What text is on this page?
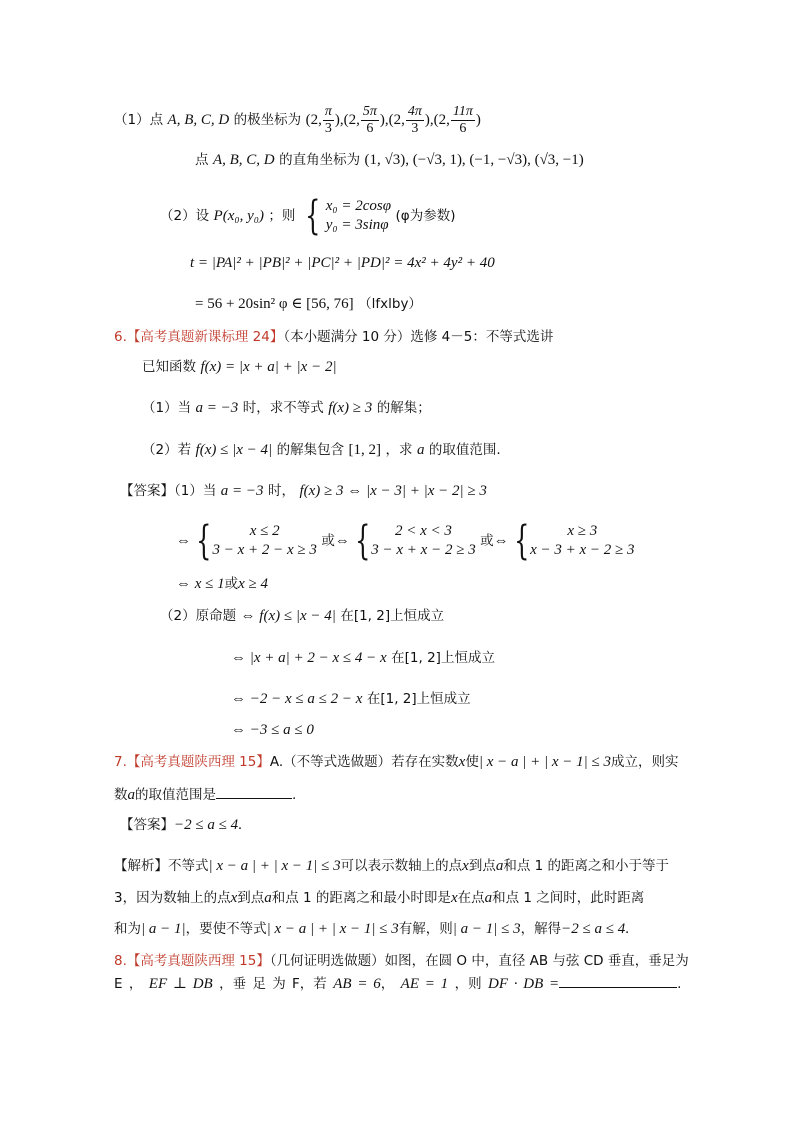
（1）点 A, B, C, D 的极坐标为 (2, $\frac{\pi}{3} ),(2$, $\frac{5\pi}{6} ),(2$, $\frac{4\pi}{3} ),(2$, $\frac{11\pi}{6}$ )
点 A, B, C, D 的直角坐标为 (1, √3), (−√3, 1), (−1, −√3), (√3, −1)
（2）设 P(x₀, y₀) ；则 { x₀ = 2cosφ
y₀ = 3sinφ
(φ为参数)
t = |PA|² + |PB|² + |PC|² + |PD|² = 4x² + 4y² + 40
= 56 + 20sin² φ ∈ [56, 76] （lfxlby）
6.【高考真题新课标理 24】（本小题满分 10 分）选修 4－5：不等式选讲
已知函数 f(x) = |x + a| + |x − 2|
（1）当 a = −3 时，求不等式 f(x) ≥ 3 的解集；
（2）若 f(x) ≤ |x − 4| 的解集包含 [1, 2] ，求 a 的取值范围.
【答案】（1）当 a = −3 时， f(x) ≥ 3 ⇔ |x − 3| + |x − 2| ≥ 3
⇔ {	x ≤ 2
3 − x + 2 − x ≥ 3
或⇔ {	2 < x < 3
3 − x + x − 2 ≥ 3
或⇔ {	x ≥ 3
x − 3 + x − 2 ≥ 3
⇔ x ≤ 1或x ≥ 4
（2）原命题 ⇔ f(x) ≤ |x − 4| 在[1, 2]上恒成立
⇔ |x + a| + 2 − x ≤ 4 − x 在[1, 2]上恒成立
⇔ −2 − x ≤ a ≤ 2 − x 在[1, 2]上恒成立
⇔ −3 ≤ a ≤ 0
7.【高考真题陕西理 15】A.（不等式选做题）若存在实数x使| x − a | + | x − 1| ≤ 3成立，则实
数a的取值范围是	.
【答案】−2 ≤ a ≤ 4.
【解析】不等式| x − a | + | x − 1| ≤ 3可以表示数轴上的点x到点a和点 1 的距离之和小于等于
3，因为数轴上的点x到点a和点 1 的距离之和最小时即是x在点a和点 1 之间时，此时距离
和为| a − 1|，要使不等式| x − a | + | x − 1| ≤ 3有解，则| a − 1| ≤ 3，解得−2 ≤ a ≤ 4.
8.【高考真题陕西理 15】（几何证明选做题）如图，在圆 O 中，直径 AB 与弦 CD 垂直，垂足为
E ， EF ⊥ DB ，垂 足 为 F，若 AB = 6， AE = 1 ，则 DF · DB =	.
